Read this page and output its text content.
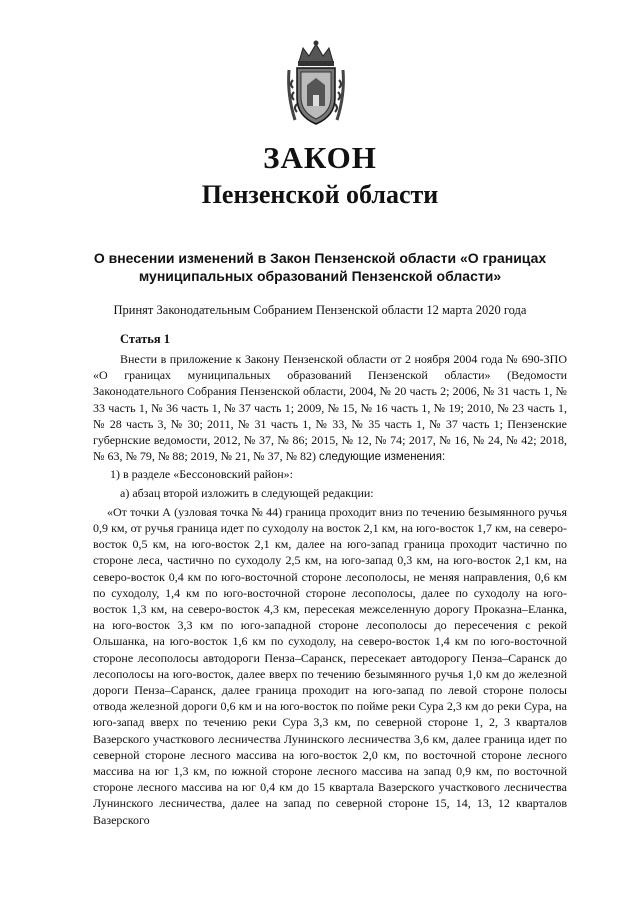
ЗАКОН
Пензенской области
О внесении изменений в Закон Пензенской области «О границах муниципальных образований Пензенской области»
Принят Законодательным Собранием Пензенской области 12 марта 2020 года
Статья 1

Внести в приложение к Закону Пензенской области от 2 ноября 2004 года № 690-ЗПО «О границах муниципальных образований Пензенской области» (Ведомости Законодательного Собрания Пензенской области, 2004, № 20 часть 2; 2006, № 31 часть 1, № 33 часть 1, № 36 часть 1, № 37 часть 1; 2009, № 15, № 16 часть 1, № 19; 2010, № 23 часть 1, № 28 часть 3, № 30; 2011, № 31 часть 1, № 33, № 35 часть 1, № 37 часть 1; Пензенские губернские ведомости, 2012, № 37, № 86; 2015, № 12, № 74; 2017, № 16, № 24, № 42; 2018, № 63, № 79, № 88; 2019, № 21, № 37, № 82) следующие изменения:

1) в разделе «Бессоновский район»:

а) абзац второй изложить в следующей редакции:

«От точки А (узловая точка № 44) граница проходит вниз по течению безымянного ручья 0,9 км, от ручья граница идет по суходолу на восток 2,1 км, на юго-восток 1,7 км, на северо-восток 0,5 км, на юго-восток 2,1 км, далее на юго-запад граница проходит частично по стороне леса, частично по суходолу 2,5 км, на юго-запад 0,3 км, на юго-восток 2,1 км, на северо-восток 0,4 км по юго-восточной стороне лесополосы, не меняя направления, 0,6 км по суходолу, 1,4 км по юго-восточной стороне лесополосы, далее по суходолу на юго-восток 1,3 км, на северо-восток 4,3 км, пересекая межселенную дорогу Проказна–Еланка, на юго-восток 3,3 км по юго-западной стороне лесополосы до пересечения с рекой Ольшанка, на юго-восток 1,6 км по суходолу, на северо-восток 1,4 км по юго-восточной стороне лесополосы автодороги Пенза–Саранск, пересекает автодорогу Пенза–Саранск до лесополосы на юго-восток, далее вверх по течению безымянного ручья 1,0 км до железной дороги Пенза–Саранск, далее граница проходит на юго-запад по левой стороне полосы отвода железной дороги 0,6 км и на юго-восток по пойме реки Сура 2,3 км до реки Сура, на юго-запад вверх по течению реки Сура 3,3 км, по северной стороне 1, 2, 3 кварталов Вазерского участкового лесничества Лунинского лесничества 3,6 км, далее граница идет по северной стороне лесного массива на юго-восток 2,0 км, по восточной стороне лесного массива на юг 1,3 км, по южной стороне лесного массива на запад 0,9 км, по восточной стороне лесного массива на юг 0,4 км до 15 квартала Вазерского участкового лесничества Лунинского лесничества, далее на запад по северной стороне 15, 14, 13, 12 кварталов Вазерского
